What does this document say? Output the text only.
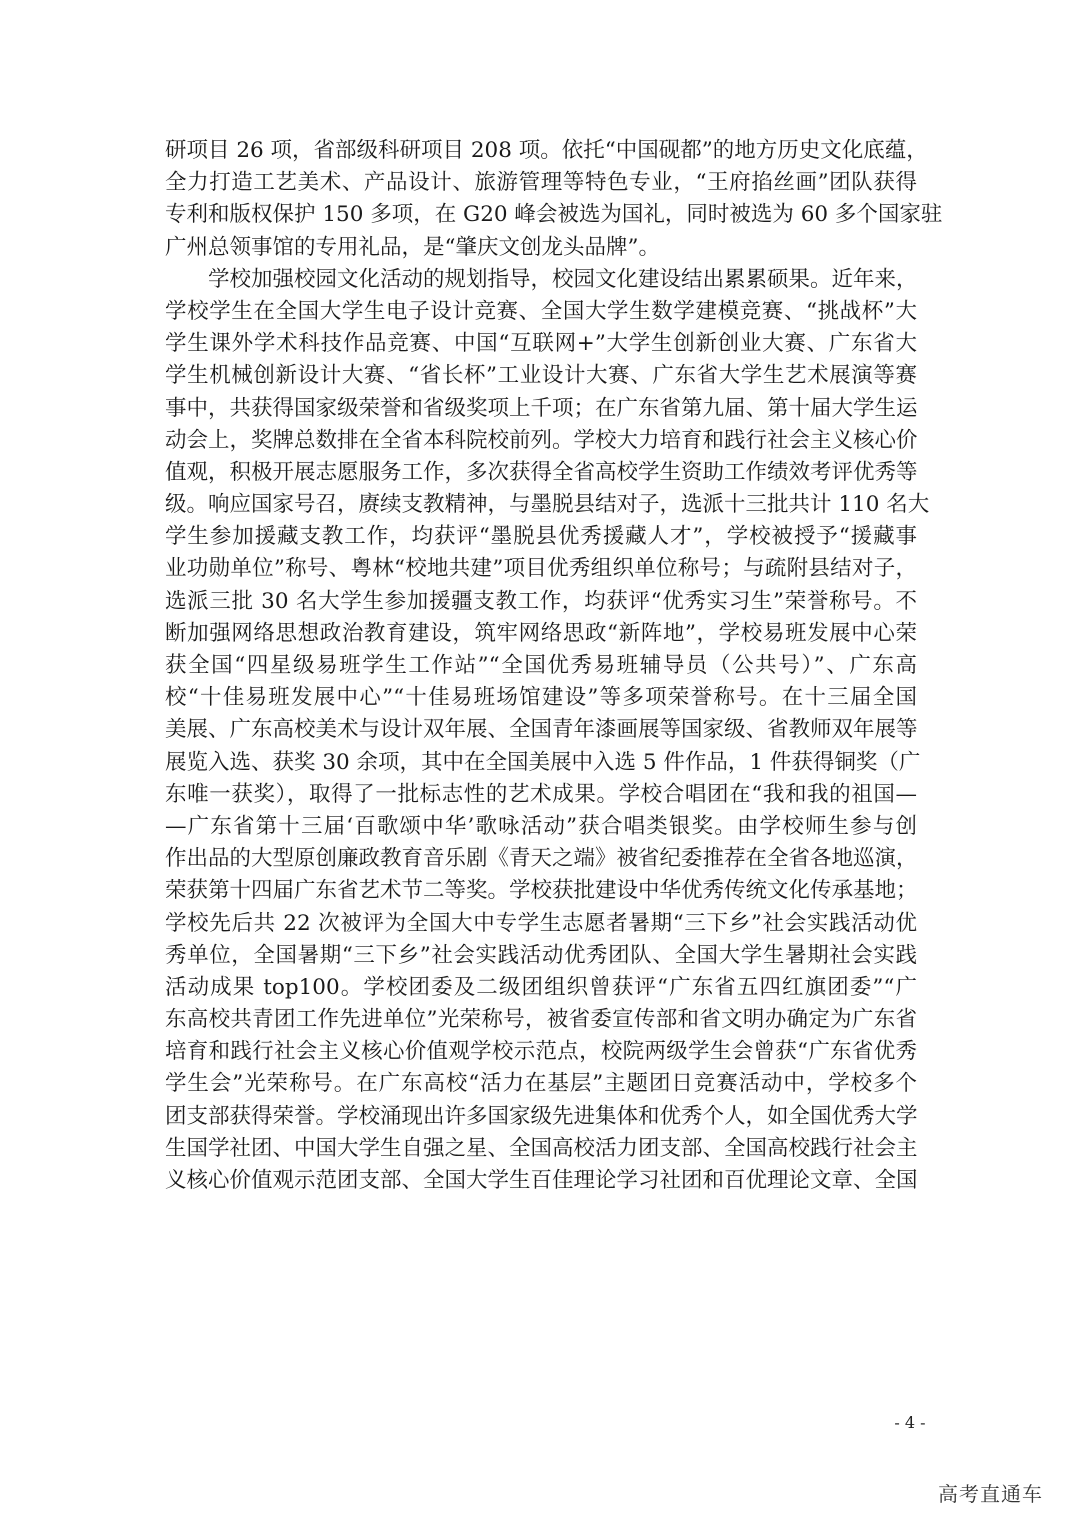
研项目 26 项，省部级科研项目 208 项。依托“中国砚都”的地方历史文化底蕴，
全力打造工艺美术、产品设计、旅游管理等特色专业，“王府掐丝画”团队获得
专利和版权保护 150 多项，在 G20 峰会被选为国礼，同时被选为 60 多个国家驻
广州总领事馆的专用礼品，是“肇庆文创龙头品牌”。
　　学校加强校园文化活动的规划指导，校园文化建设结出累累硕果。近年来，
学校学生在全国大学生电子设计竞赛、全国大学生数学建模竞赛、“挑战杯”大
学生课外学术科技作品竞赛、中国“互联网+”大学生创新创业大赛、广东省大
学生机械创新设计大赛、“省长杯”工业设计大赛、广东省大学生艺术展演等赛
事中，共获得国家级荣誉和省级奖项上千项；在广东省第九届、第十届大学生运
动会上，奖牌总数排在全省本科院校前列。学校大力培育和践行社会主义核心价
值观，积极开展志愿服务工作，多次获得全省高校学生资助工作绩效考评优秀等
级。响应国家号召，赓续支教精神，与墨脱县结对子，选派十三批共计 110 名大
学生参加援藏支教工作，均获评“墨脱县优秀援藏人才”，学校被授予“援藏事
业功勋单位”称号、粤林“校地共建”项目优秀组织单位称号；与疏附县结对子，
选派三批 30 名大学生参加援疆支教工作，均获评“优秀实习生”荣誉称号。不
断加强网络思想政治教育建设，筑牢网络思政“新阵地”，学校易班发展中心荣
获全国“四星级易班学生工作站”“全国优秀易班辅导员（公共号）”、广东高
校“十佳易班发展中心”“十佳易班场馆建设”等多项荣誉称号。在十三届全国
美展、广东高校美术与设计双年展、全国青年漆画展等国家级、省教师双年展等
展览入选、获奖 30 余项，其中在全国美展中入选 5 件作品，1 件获得铜奖（广
东唯一获奖），取得了一批标志性的艺术成果。学校合唱团在“我和我的祖国—
—广东省第十三届‘百歌颂中华’歌咏活动”获合唱类银奖。由学校师生参与创
作出品的大型原创廉政教育音乐剧《青天之端》被省纪委推荐在全省各地巡演，
荣获第十四届广东省艺术节二等奖。学校获批建设中华优秀传统文化传承基地；
学校先后共 22 次被评为全国大中专学生志愿者暑期“三下乡”社会实践活动优
秀单位，全国暑期“三下乡”社会实践活动优秀团队、全国大学生暑期社会实践
活动成果 top100。学校团委及二级团组织曾获评“广东省五四红旗团委”“广
东高校共青团工作先进单位”光荣称号，被省委宣传部和省文明办确定为广东省
培育和践行社会主义核心价值观学校示范点，校院两级学生会曾获“广东省优秀
学生会”光荣称号。在广东高校“活力在基层”主题团日竞赛活动中，学校多个
团支部获得荣誉。学校涌现出许多国家级先进集体和优秀个人，如全国优秀大学
生国学社团、中国大学生自强之星、全国高校活力团支部、全国高校践行社会主
义核心价值观示范团支部、全国大学生百佳理论学习社团和百优理论文章、全国
- 4 -
高考直通车
